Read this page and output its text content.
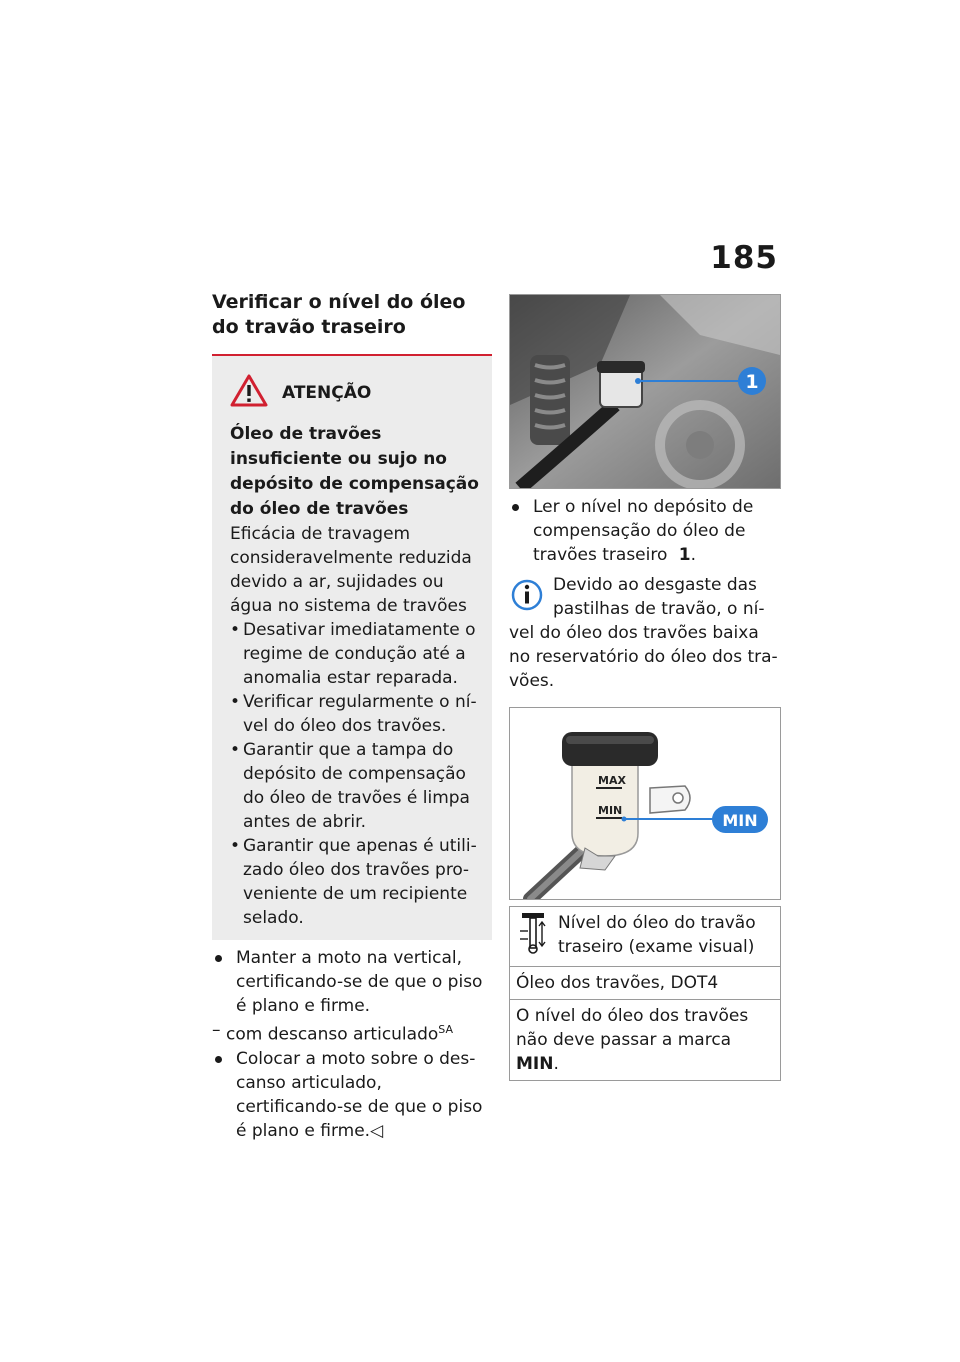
185
Verificar o nível do óleo do travão traseiro
ATENÇÃO
Óleo de travões insuficiente ou sujo no depósito de compensação do óleo de travões
Eficácia de travagem consideravelmente reduzida devido a ar, sujidades ou água no sistema de travões
• Desativar imediatamente o regime de condução até a anomalia estar reparada.
• Verificar regularmente o nível do óleo dos travões.
• Garantir que a tampa do depósito de compensação do óleo de travões é limpa antes de abrir.
• Garantir que apenas é utilizado óleo dos travões proveniente de um recipiente selado.
Manter a moto na vertical, certificando-se de que o piso é plano e firme.
– com descanso articulado$^{SA}$
Colocar a moto sobre o descanso articulado, certificando-se de que o piso é plano e firme.◁
1
Ler o nível no depósito de compensação do óleo de travões traseiro 1.
Devido ao desgaste das pastilhas de travão, o nível do óleo dos travões baixa no reservatório do óleo dos travões.
MAX
MIN
MIN
Nível do óleo do travão traseiro (exame visual)

Óleo dos travões, DOT4
O nível do óleo dos travões não deve passar a marca MIN.
